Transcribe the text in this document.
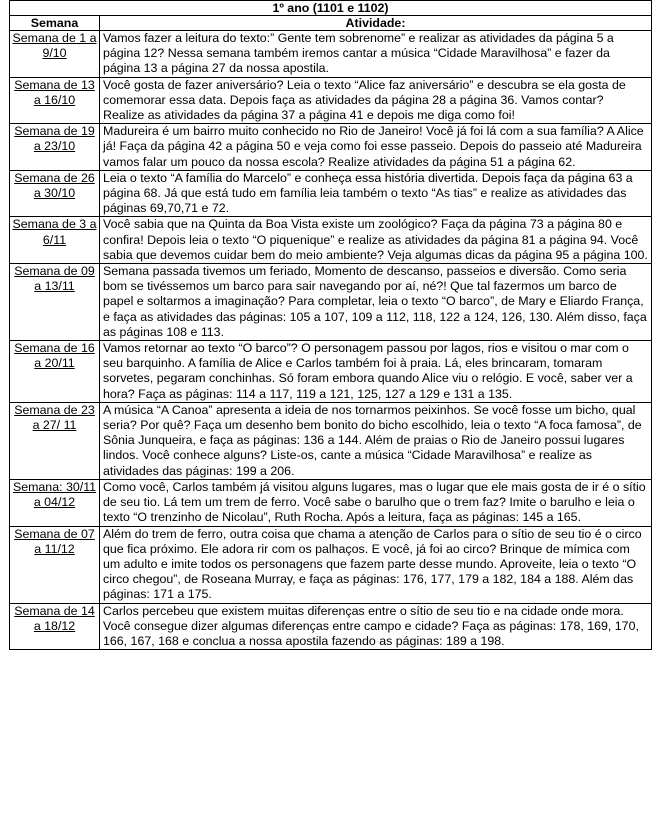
1º ano (1101 e 1102)	
Semana	Atividade:
Semana de 1 a 9/10	Vamos fazer a leitura do texto:” Gente tem sobrenome” e realizar as atividades da página 5 a página 12? Nessa semana também iremos cantar a música “Cidade Maravilhosa” e fazer da página 13 a página 27 da nossa apostila.
Semana de 13 a 16/10	Você gosta de fazer aniversário? Leia o texto “Alice faz aniversário” e descubra se ela gosta de comemorar essa data. Depois faça as atividades da página 28 a página 36. Vamos contar? Realize as atividades da página 37 a página 41 e depois me diga como foi!
Semana de 19 a 23/10	Madureira é um bairro muito conhecido no Rio de Janeiro! Você já foi lá com a sua família? A Alice já! Faça da página 42 a página 50 e veja como foi esse passeio. Depois do passeio até Madureira vamos falar um pouco da nossa escola? Realize atividades da página 51 a página 62.
Semana de 26 a 30/10	Leia o texto “A família do Marcelo” e conheça essa história divertida. Depois faça da página 63 a página 68. Já que está tudo em família leia também o texto “As tias” e realize as atividades das páginas 69,70,71 e 72.
Semana de 3 a 6/11	Você sabia que na Quinta da Boa Vista existe um zoológico? Faça da página 73 a página 80 e confira! Depois leia o texto “O piquenique” e realize as atividades da página 81 a página 94. Você sabia que devemos cuidar bem do meio ambiente? Veja algumas dicas da página 95 a página 100.
Semana de 09 a 13/11	Semana passada tivemos um feriado, Momento de descanso, passeios e diversão. Como seria bom se tivéssemos um barco para sair navegando por aí, né?! Que tal fazermos um barco de papel e soltarmos a imaginação? Para completar, leia o texto “O barco”, de Mary e Eliardo França, e faça as atividades das páginas: 105 a 107, 109 a 112, 118, 122 a 124, 126, 130. Além disso, faça as páginas 108 e 113.
Semana de 16 a 20/11	Vamos retornar ao texto “O barco”? O personagem passou por lagos, rios e visitou o mar com o seu barquinho. A família de Alice e Carlos também foi à praia. Lá, eles brincaram, tomaram sorvetes, pegaram conchinhas. Só foram embora quando Alice viu o relógio. E você, saber ver a hora? Faça as páginas: 114 a 117, 119 a 121, 125, 127 a 129 e 131 a 135.
Semana de 23 a 27/ 11	A música “A Canoa” apresenta a ideia de nos tornarmos peixinhos. Se você fosse um bicho, qual seria? Por quê? Faça um desenho bem bonito do bicho escolhido, leia o texto “A foca famosa”, de Sônia Junqueira, e faça as páginas: 136 a 144. Além de praias o Rio de Janeiro possui lugares lindos. Você conhece alguns? Liste-os, cante a música “Cidade Maravilhosa” e realize as atividades das páginas: 199 a 206.
Semana: 30/11 a 04/12	Como você, Carlos também já visitou alguns lugares, mas o lugar que ele mais gosta de ir é o sítio de seu tio. Lá tem um trem de ferro. Você sabe o barulho que o trem faz? Imite o barulho e leia o texto “O trenzinho de Nicolau”, Ruth Rocha. Após a leitura, faça as páginas: 145 a 165.
Semana de 07 a 11/12	Além do trem de ferro, outra coisa que chama a atenção de Carlos para o sítio de seu tio é o circo que fica próximo. Ele adora rir com os palhaços. E você, já foi ao circo? Brinque de mímica com um adulto e imite todos os personagens que fazem parte desse mundo. Aproveite, leia o texto “O circo chegou”, de Roseana Murray, e faça as páginas: 176, 177, 179 a 182, 184 a 188. Além das páginas: 171 a 175.
Semana de 14 a 18/12	Carlos percebeu que existem muitas diferenças entre o sítio de seu tio e na cidade onde mora. Você consegue dizer algumas diferenças entre campo e cidade? Faça as páginas: 178, 169, 170, 166, 167, 168 e conclua a nossa apostila fazendo as páginas: 189 a 198.
